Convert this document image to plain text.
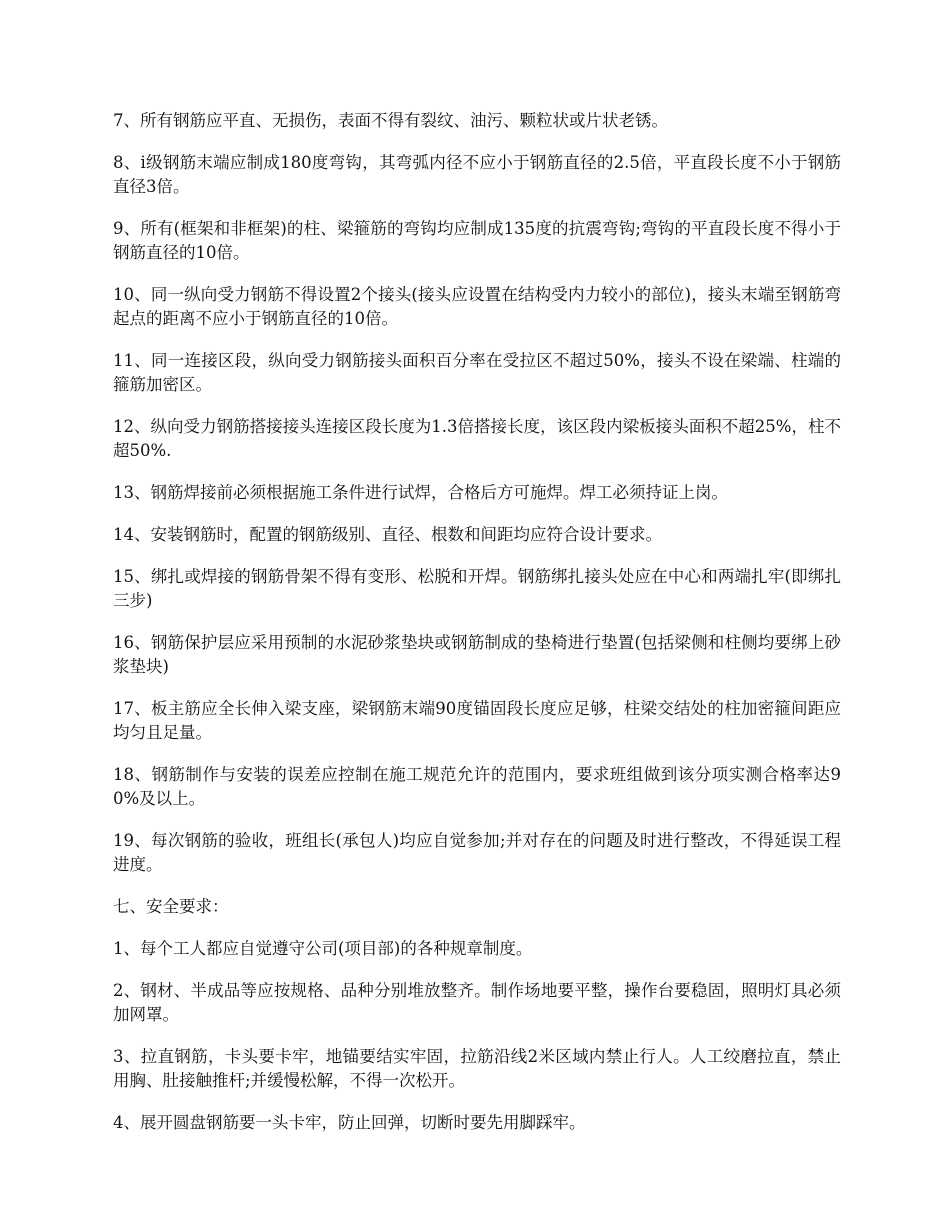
7、所有钢筋应平直、无损伤，表面不得有裂纹、油污、颗粒状或片状老锈。

8、ⅰ级钢筋末端应制成180度弯钩，其弯弧内径不应小于钢筋直径的2.5倍，平直段长度不小于钢筋直径3倍。

9、所有(框架和非框架)的柱、梁箍筋的弯钩均应制成135度的抗震弯钩;弯钩的平直段长度不得小于钢筋直径的10倍。

10、同一纵向受力钢筋不得设置2个接头(接头应设置在结构受内力较小的部位)，接头末端至钢筋弯起点的距离不应小于钢筋直径的10倍。

11、同一连接区段，纵向受力钢筋接头面积百分率在受拉区不超过50%，接头不设在梁端、柱端的箍筋加密区。

12、纵向受力钢筋搭接接头连接区段长度为1.3倍搭接长度，该区段内梁板接头面积不超25%，柱不超50%.

13、钢筋焊接前必须根据施工条件进行试焊，合格后方可施焊。焊工必须持证上岗。

14、安装钢筋时，配置的钢筋级别、直径、根数和间距均应符合设计要求。

15、绑扎或焊接的钢筋骨架不得有变形、松脱和开焊。钢筋绑扎接头处应在中心和两端扎牢(即绑扎三步)

16、钢筋保护层应采用预制的水泥砂浆垫块或钢筋制成的垫椅进行垫置(包括梁侧和柱侧均要绑上砂浆垫块)

17、板主筋应全长伸入梁支座，梁钢筋末端90度锚固段长度应足够，柱梁交结处的柱加密箍间距应均匀且足量。

18、钢筋制作与安装的误差应控制在施工规范允许的范围内，要求班组做到该分项实测合格率达90%及以上。

19、每次钢筋的验收，班组长(承包人)均应自觉参加;并对存在的问题及时进行整改，不得延误工程进度。

七、安全要求：

1、每个工人都应自觉遵守公司(项目部)的各种规章制度。

2、钢材、半成品等应按规格、品种分别堆放整齐。制作场地要平整，操作台要稳固，照明灯具必须加网罩。

3、拉直钢筋，卡头要卡牢，地锚要结实牢固，拉筋沿线2米区域内禁止行人。人工绞磨拉直，禁止用胸、肚接触推杆;并缓慢松解，不得一次松开。

4、展开圆盘钢筋要一头卡牢，防止回弹，切断时要先用脚踩牢。
